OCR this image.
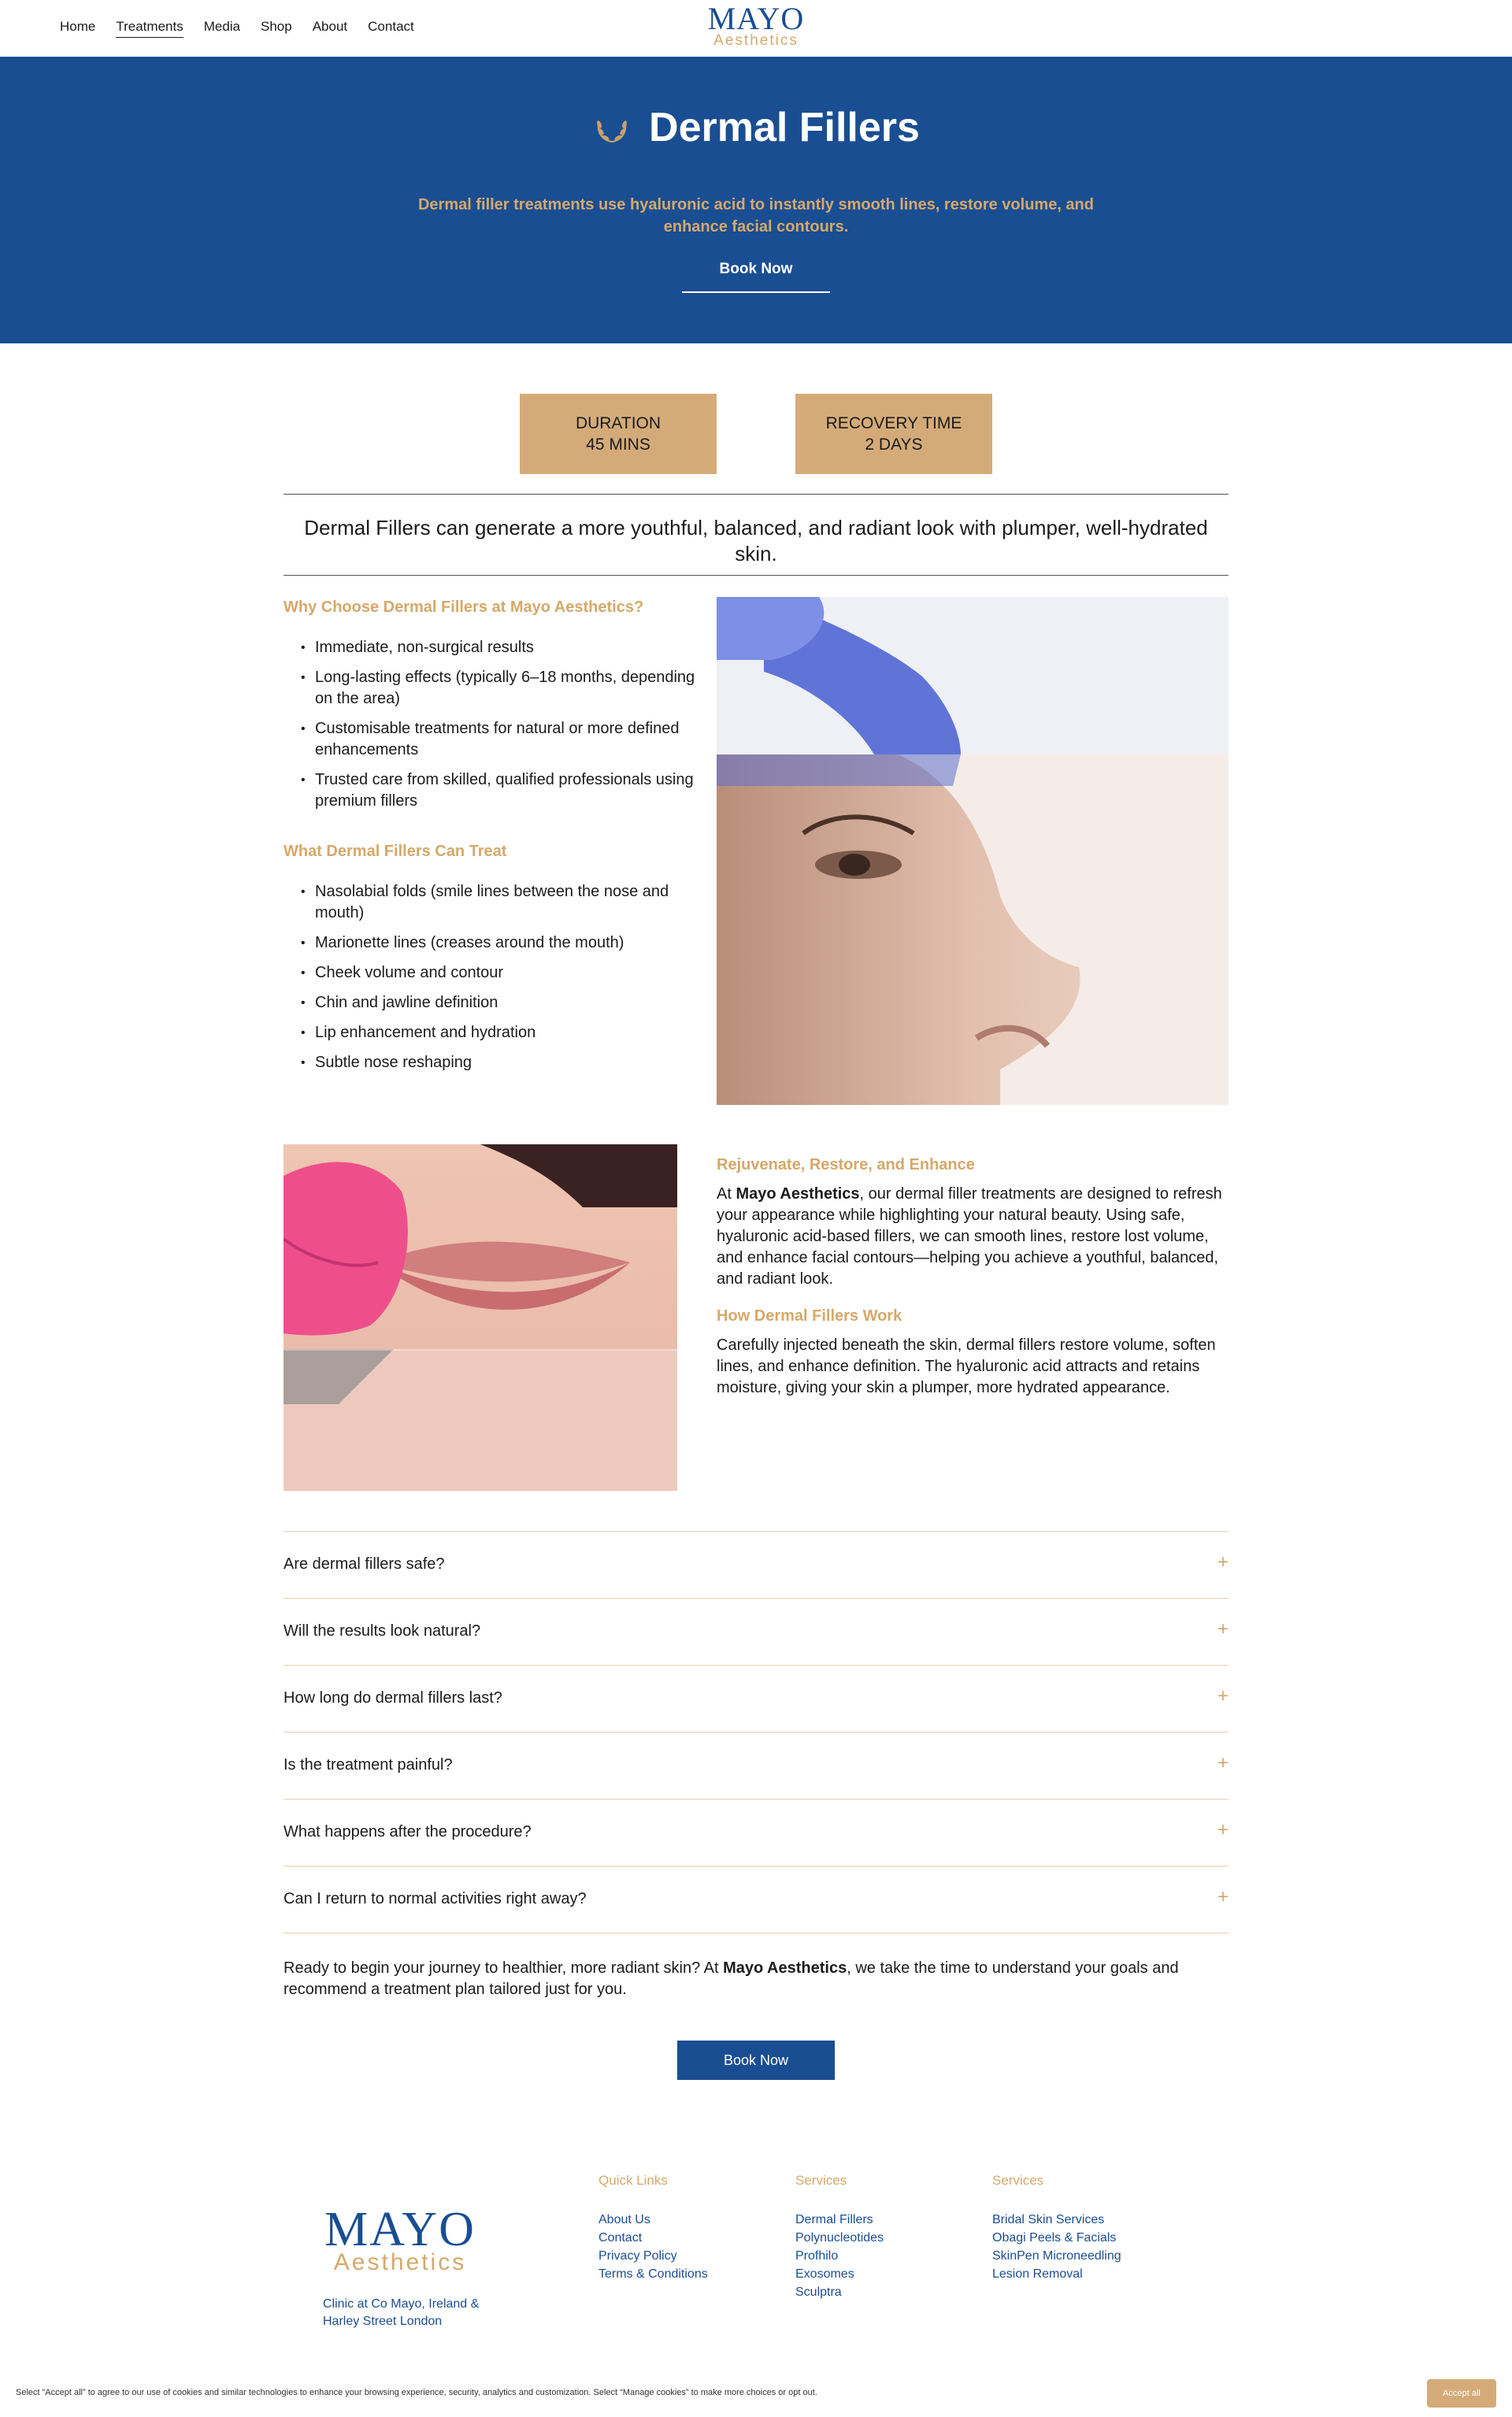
Home Treatments Media Shop About Contact	MAYO
Aesthetics
Dermal Fillers
Dermal filler treatments use hyaluronic acid to instantly smooth lines, restore volume, and enhance facial contours.
Book Now
DURATION
45 MINS
RECOVERY TIME
2 DAYS
Dermal Fillers can generate a more youthful, balanced, and radiant look with plumper, well-hydrated skin.
Why Choose Dermal Fillers at Mayo Aesthetics?
• Immediate, non-surgical results
• Long-lasting effects (typically 6–18 months, depending on the area)
• Customisable treatments for natural or more defined enhancements
• Trusted care from skilled, qualified professionals using premium fillers
What Dermal Fillers Can Treat
• Nasolabial folds (smile lines between the nose and mouth)
• Marionette lines (creases around the mouth)
• Cheek volume and contour
• Chin and jawline definition
• Lip enhancement and hydration
• Subtle nose reshaping
Rejuvenate, Restore, and Enhance

At Mayo Aesthetics, our dermal filler treatments are designed to refresh your appearance while highlighting your natural beauty. Using safe, hyaluronic acid-based fillers, we can smooth lines, restore lost volume, and enhance facial contours—helping you achieve a youthful, balanced, and radiant look.

How Dermal Fillers Work

Carefully injected beneath the skin, dermal fillers restore volume, soften lines, and enhance definition. The hyaluronic acid attracts and retains moisture, giving your skin a plumper, more hydrated appearance.

Are dermal fillers safe?	+
Will the results look natural?	+
How long do dermal fillers last?	+
Is the treatment painful?	+
What happens after the procedure?	+
Can I return to normal activities right away?	+

Ready to begin your journey to healthier, more radiant skin? At Mayo Aesthetics, we take the time to understand your goals and recommend a treatment plan tailored just for you.

Book Now
MAYO
Aesthetics
Clinic at Co Mayo, Ireland & Harley Street London
Quick Links
About Us
Contact
Privacy Policy
Terms & Conditions
Services
Dermal Fillers
Polynucleotides
Profhilo
Exosomes
Sculptra
Services
Bridal Skin Services
Obagi Peels & Facials
SkinPen Microneedling
Lesion Removal
Select “Accept all” to agree to our use of cookies and similar technologies to enhance your browsing experience, security, analytics and customization. Select “Manage cookies” to make more choices or opt out.	Accept all
